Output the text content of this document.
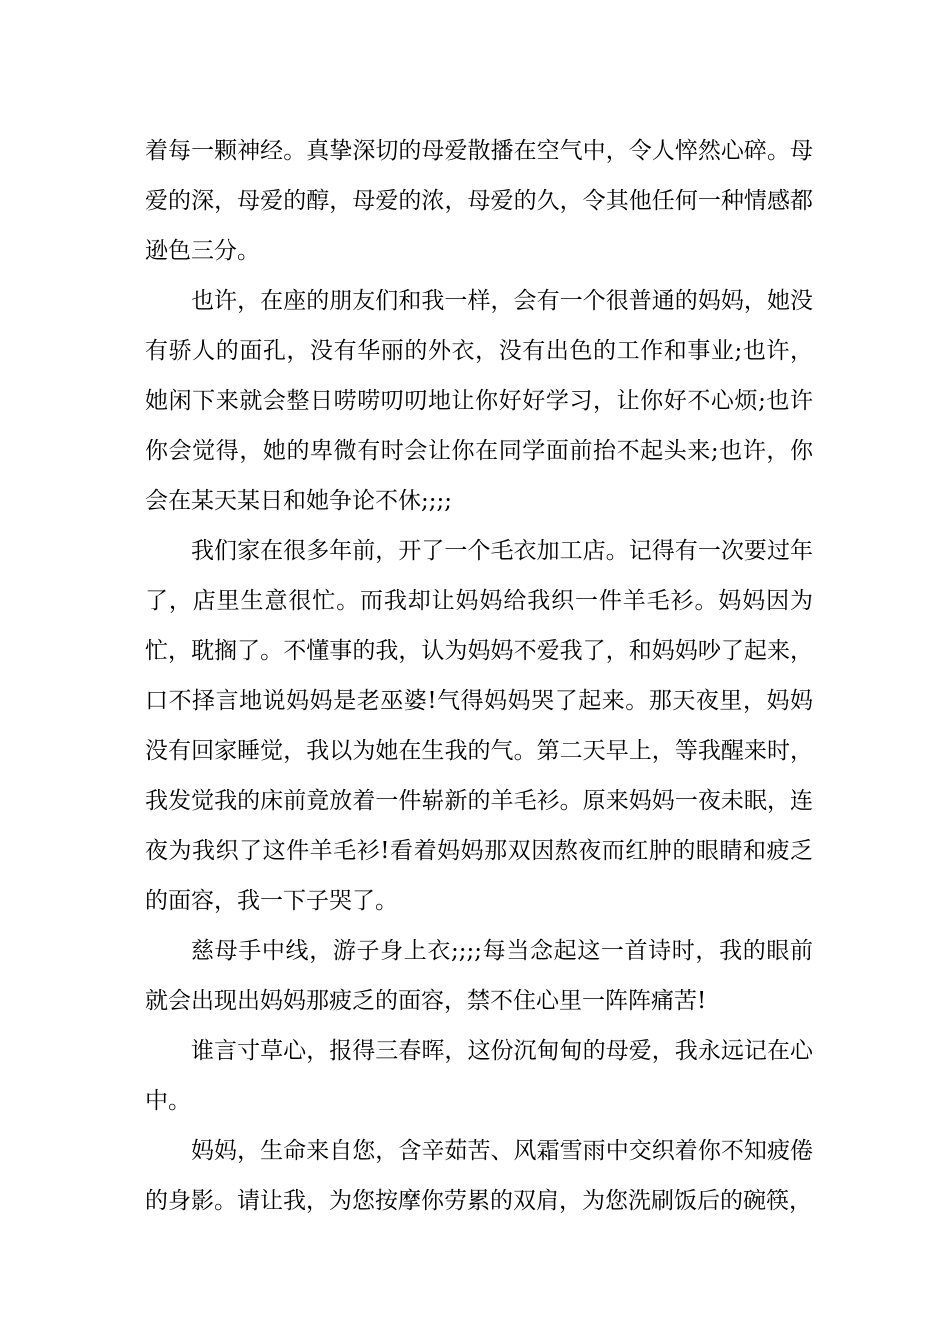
着每一颗神经。真挚深切的母爱散播在空气中，令人悴然心碎。母爱的深，母爱的醇，母爱的浓，母爱的久，令其他任何一种情感都逊色三分。

也许，在座的朋友们和我一样，会有一个很普通的妈妈，她没有骄人的面孔，没有华丽的外衣，没有出色的工作和事业;也许，她闲下来就会整日唠唠叨叨地让你好好学习，让你好不心烦;也许你会觉得，她的卑微有时会让你在同学面前抬不起头来;也许，你会在某天某日和她争论不休;;;;

我们家在很多年前，开了一个毛衣加工店。记得有一次要过年了，店里生意很忙。而我却让妈妈给我织一件羊毛衫。妈妈因为忙，耽搁了。不懂事的我，认为妈妈不爱我了，和妈妈吵了起来，口不择言地说妈妈是老巫婆!气得妈妈哭了起来。那天夜里，妈妈没有回家睡觉，我以为她在生我的气。第二天早上，等我醒来时，我发觉我的床前竟放着一件崭新的羊毛衫。原来妈妈一夜未眠，连夜为我织了这件羊毛衫!看着妈妈那双因熬夜而红肿的眼睛和疲乏的面容，我一下子哭了。

慈母手中线，游子身上衣;;;;每当念起这一首诗时，我的眼前就会出现出妈妈那疲乏的面容，禁不住心里一阵阵痛苦!

谁言寸草心，报得三春晖，这份沉甸甸的母爱，我永远记在心中。

妈妈，生命来自您，含辛茹苦、风霜雪雨中交织着你不知疲倦的身影。请让我，为您按摩你劳累的双肩，为您洗刷饭后的碗筷，
